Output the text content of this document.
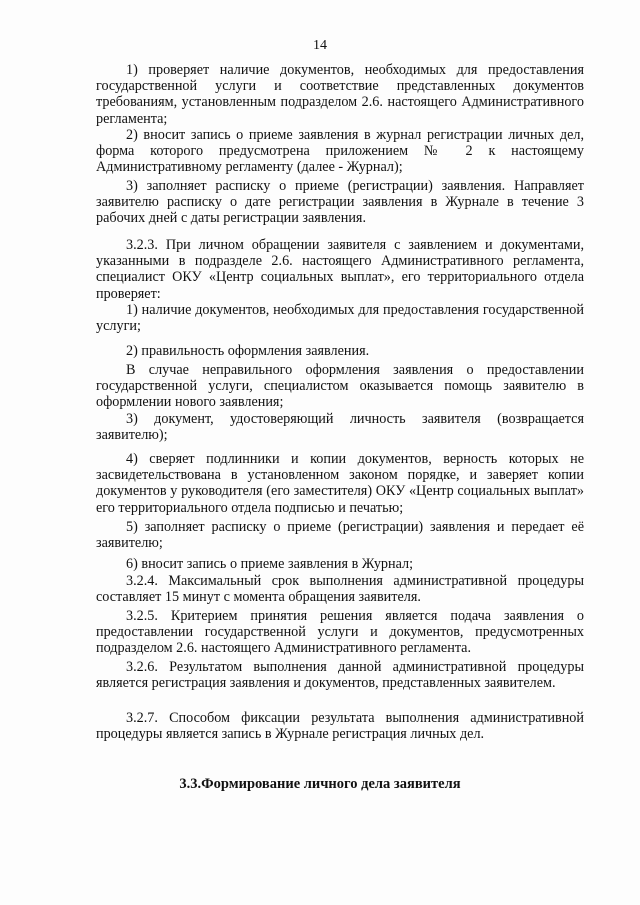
14

1) проверяет наличие документов, необходимых для предоставления государственной услуги и соответствие представленных документов требованиям, установленным подразделом 2.6. настоящего Административного регламента;

2) вносит запись о приеме заявления в журнал регистрации личных дел, форма которого предусмотрена приложением № 2 к настоящему Административному регламенту (далее - Журнал);

3) заполняет расписку о приеме (регистрации) заявления. Направляет заявителю расписку о дате регистрации заявления в Журнале в течение 3 рабочих дней с даты регистрации заявления.

3.2.3. При личном обращении заявителя с заявлением и документами, указанными в подразделе 2.6. настоящего Административного регламента, специалист ОКУ «Центр социальных выплат», его территориального отдела проверяет:

1) наличие документов, необходимых для предоставления государственной услуги;

2) правильность оформления заявления.

В случае неправильного оформления заявления о предоставлении государственной услуги, специалистом оказывается помощь заявителю в оформлении нового заявления;

3) документ, удостоверяющий личность заявителя (возвращается заявителю);

4) сверяет подлинники и копии документов, верность которых не засвидетельствована в установленном законом порядке, и заверяет копии документов у руководителя (его заместителя) ОКУ «Центр социальных выплат» его территориального отдела подписью и печатью;

5) заполняет расписку о приеме (регистрации) заявления и передает её заявителю;

6) вносит запись о приеме заявления в Журнал;

3.2.4. Максимальный срок выполнения административной процедуры составляет 15 минут с момента обращения заявителя.

3.2.5. Критерием принятия решения является подача заявления о предоставлении государственной услуги и документов, предусмотренных подразделом 2.6. настоящего Административного регламента.

3.2.6. Результатом выполнения данной административной процедуры является регистрация заявления и документов, представленных заявителем.

3.2.7. Способом фиксации результата выполнения административной процедуры является запись в Журнале регистрация личных дел.

3.3.Формирование личного дела заявителя
